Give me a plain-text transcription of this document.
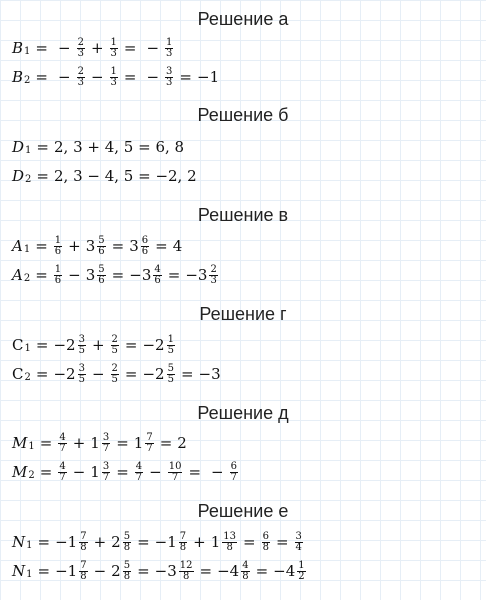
Решение а
B 1 = − $\frac{2}{3} + \frac{1}{3}$ = − $\frac{1}{3}$
B 2 = − $\frac{2}{3} - \frac{1}{3}$ = − $\frac{3}{3} = -1$
Решение б
D 1 = 2, 3 + 4, 5 = 6, 8
D 2 = 2, 3 − 4, 5 = −2, 2
Решение в
A $1 = \frac{1}{6} + 3 \frac{5}{6} = 3 \frac{6}{6} = 4$
A $2 = \frac{1}{6} - 3 \frac{5}{6} = -3 \frac{4}{6} = -3 \frac{2}{3}$
Решение г
C $1 = -2 \frac{3}{5} + \frac{2}{5} = -2 \frac{1}{5}$
C $2 = -2 \frac{3}{5} - \frac{2}{5} = -2 \frac{5}{5} = -3$
Решение д
M $1 = \frac{4}{7} + 1 \frac{3}{7} = 1 \frac{7}{7} = 2$
M $2 = \frac{4}{7} - 1 \frac{3}{7} = \frac{4}{7} - \frac{10}{7}$ = − $\frac{6}{7}$
Решение е
N $1 = -1 \frac{7}{8} + 2 \frac{5}{8} = -1 \frac{7}{8} + 1 \frac{13}{8} = \frac{6}{8} = \frac{3}{4}$
N $1 = -1 \frac{7}{8} - 2 \frac{5}{8} = -3 \frac{12}{8} = -4 \frac{4}{8} = -4 \frac{1}{2}$
